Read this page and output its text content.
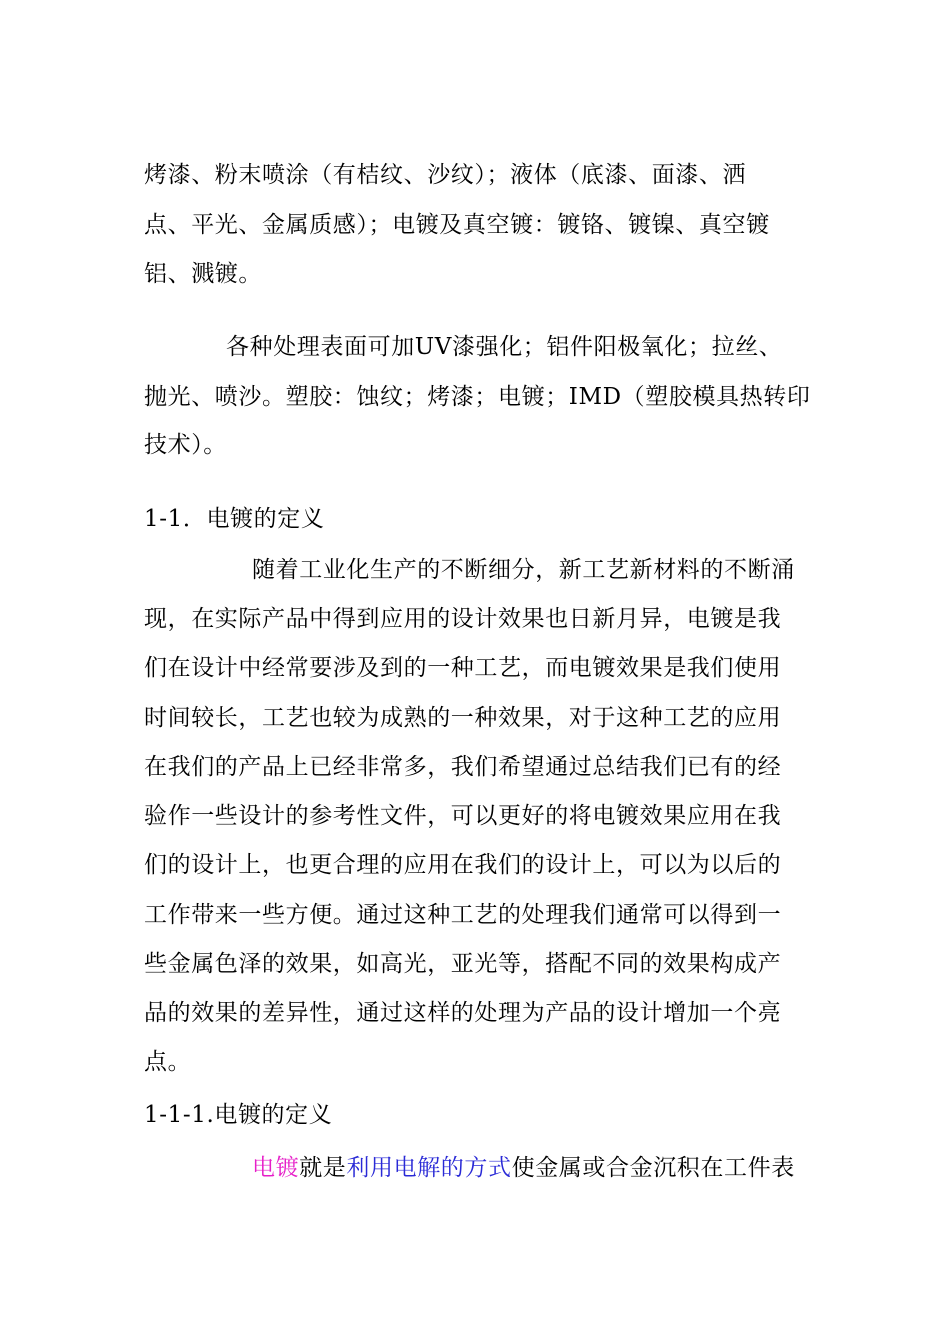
烤漆、粉末喷涂（有桔纹、沙纹）；液体（底漆、面漆、洒
点、平光、金属质感）；电镀及真空镀：镀铬、镀镍、真空镀
铝、溅镀。
各种处理表面可加UV漆强化；铝件阳极氧化；拉丝、
抛光、喷沙。塑胶：蚀纹；烤漆；电镀；IMD（塑胶模具热转印
技术）。
1-1．电镀的定义
随着工业化生产的不断细分，新工艺新材料的不断涌
现，在实际产品中得到应用的设计效果也日新月异，电镀是我
们在设计中经常要涉及到的一种工艺，而电镀效果是我们使用
时间较长，工艺也较为成熟的一种效果，对于这种工艺的应用
在我们的产品上已经非常多，我们希望通过总结我们已有的经
验作一些设计的参考性文件，可以更好的将电镀效果应用在我
们的设计上，也更合理的应用在我们的设计上，可以为以后的
工作带来一些方便。通过这种工艺的处理我们通常可以得到一
些金属色泽的效果，如高光，亚光等，搭配不同的效果构成产
品的效果的差异性，通过这样的处理为产品的设计增加一个亮
点。
1-1-1.电镀的定义
电镀就是利用电解的方式使金属或合金沉积在工件表
